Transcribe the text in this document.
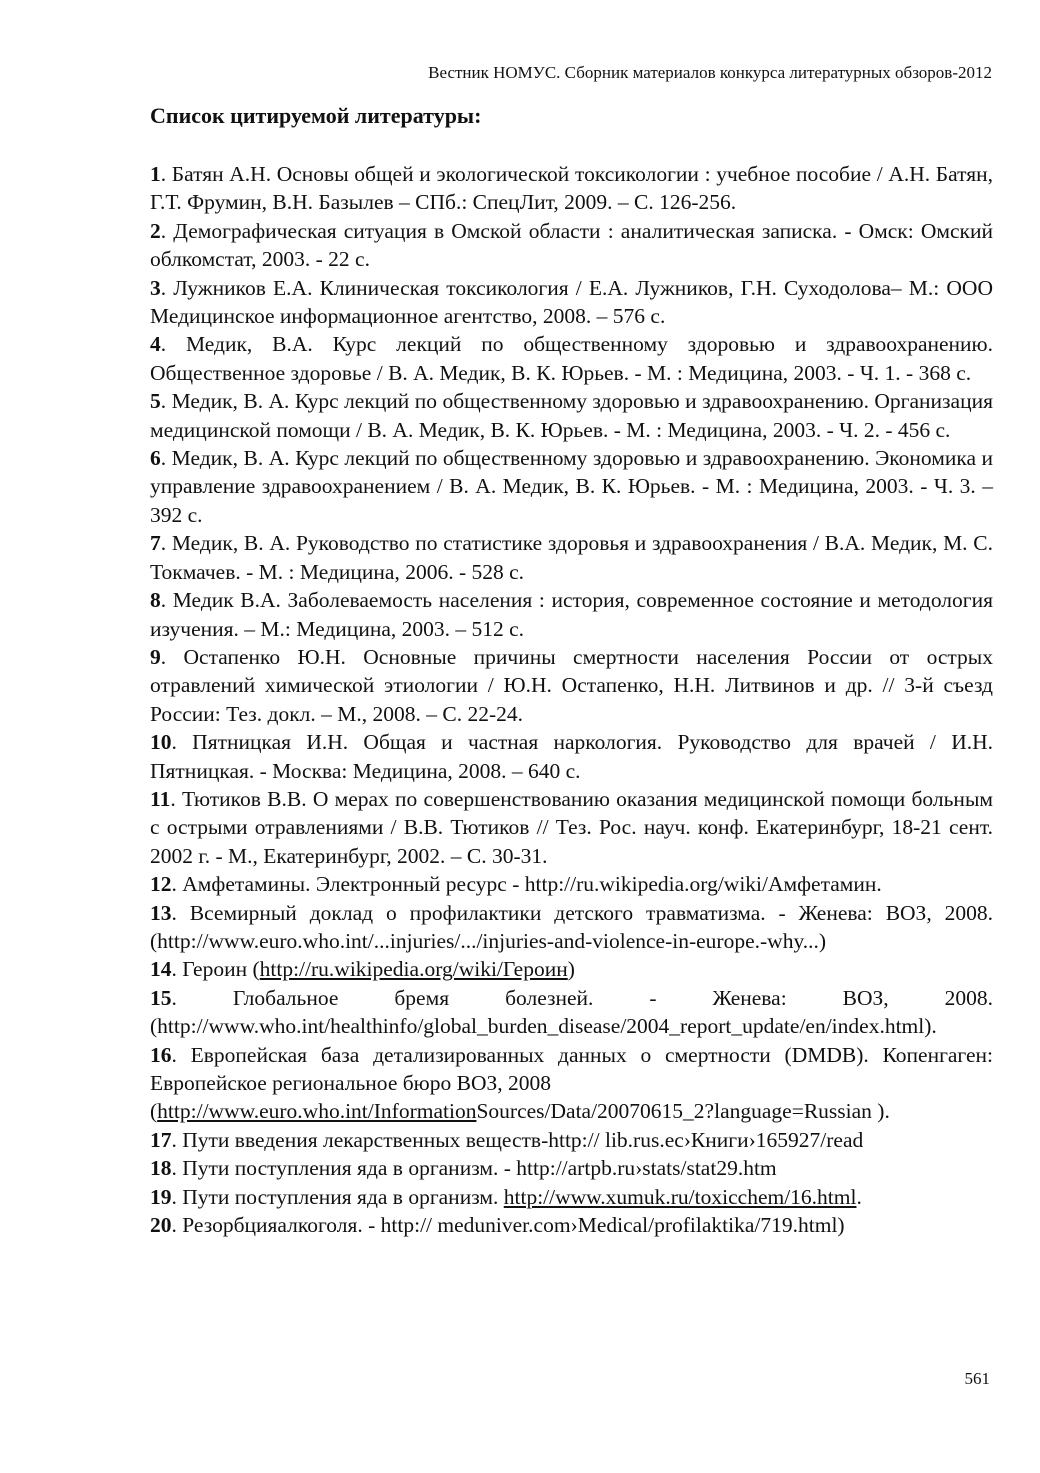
Вестник НОМУС. Сборник материалов конкурса литературных обзоров-2012
Список цитируемой литературы:

1. Батян А.Н. Основы общей и экологической токсикологии : учебное пособие / А.Н. Батян, Г.Т. Фрумин, В.Н. Базылев – СПб.: СпецЛит, 2009. – С. 126-256.

2. Демографическая ситуация в Омской области : аналитическая записка. - Омск: Омский облкомстат, 2003. - 22 с.

3. Лужников Е.А. Клиническая токсикология / Е.А. Лужников, Г.Н. Суходолова– М.: ООО Медицинское информационное агентство, 2008. – 576 с.

4. Медик, В.А. Курс лекций по общественному здоровью и здравоохранению. Общественное здоровье / В. А. Медик, В. К. Юрьев. - М. : Медицина, 2003. - Ч. 1. - 368 с.

5. Медик, В. А. Курс лекций по общественному здоровью и здравоохранению. Организация медицинской помощи / В. А. Медик, В. К. Юрьев. - М. : Медицина, 2003. - Ч. 2. - 456 с.

6. Медик, В. А. Курс лекций по общественному здоровью и здравоохранению. Экономика и управление здравоохранением / В. А. Медик, В. К. Юрьев. - М. : Медицина, 2003. - Ч. 3. – 392 с.

7. Медик, В. А. Руководство по статистике здоровья и здравоохранения / В.А. Медик, М. С. Токмачев. - М. : Медицина, 2006. - 528 с.

8. Медик В.А. Заболеваемость населения : история, современное состояние и методология изучения. – М.: Медицина, 2003. – 512 с.

9. Остапенко Ю.Н. Основные причины смертности населения России от острых отравлений химической этиологии / Ю.Н. Остапенко, Н.Н. Литвинов и др. // 3-й съезд России: Тез. докл. – М., 2008. – С. 22-24.

10. Пятницкая И.Н. Общая и частная наркология. Руководство для врачей / И.Н. Пятницкая. - Москва: Медицина, 2008. – 640 с.

11. Тютиков В.В. О мерах по совершенствованию оказания медицинской помощи больным с острыми отравлениями / В.В. Тютиков // Тез. Рос. науч. конф. Екатеринбург, 18-21 сент. 2002 г. - М., Екатеринбург, 2002. – С. 30-31.

12. Амфетамины. Электронный ресурс - http://ru.wikipedia.org/wiki/Амфетамин.

13. Всемирный доклад о профилактики детского травматизма. - Женева: ВОЗ, 2008. (http://www.euro.who.int/...injuries/.../injuries-and-violence-in-europe.-why...)

14. Героин (http://ru.wikipedia.org/wiki/Героин)

15. Глобальное бремя болезней. - Женева: ВОЗ, 2008. (http://www.who.int/healthinfo/global_burden_disease/2004_report_update/en/index.html).

16. Европейская база детализированных данных о смертности (DMDB). Копенгаген: Европейское региональное бюро ВОЗ, 2008
(http://www.euro.who.int/InformationSources/Data/20070615_2?language=Russian ).

17. Пути введения лекарственных веществ-http:// lib.rus.ec›Книги›165927/read

18. Пути поступления яда в организм. - http://artpb.ru›stats/stat29.htm

19. Пути поступления яда в организм. http://www.xumuk.ru/toxicchem/16.html.

20. Резорбцияалкоголя. - http:// meduniver.com›Medical/profilaktika/719.html)

561
